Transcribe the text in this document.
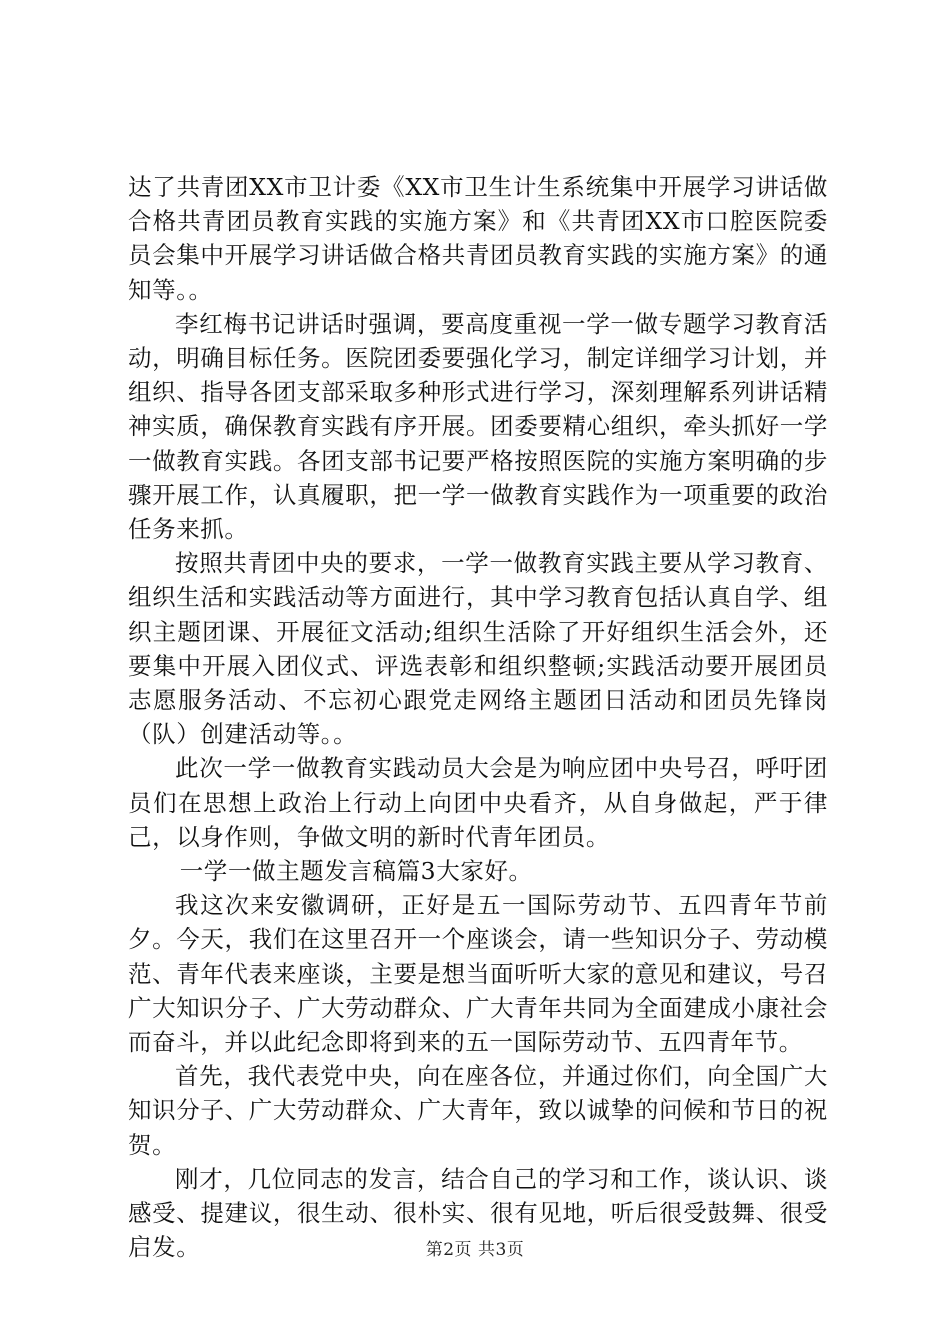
达了共青团XX市卫计委《XX市卫生计生系统集中开展学习讲话做合格共青团员教育实践的实施方案》和《共青团XX市口腔医院委员会集中开展学习讲话做合格共青团员教育实践的实施方案》的通知等。。

李红梅书记讲话时强调，要高度重视一学一做专题学习教育活动，明确目标任务。医院团委要强化学习，制定详细学习计划，并组织、指导各团支部采取多种形式进行学习，深刻理解系列讲话精神实质，确保教育实践有序开展。团委要精心组织，牵头抓好一学一做教育实践。各团支部书记要严格按照医院的实施方案明确的步骤开展工作，认真履职，把一学一做教育实践作为一项重要的政治任务来抓。

按照共青团中央的要求，一学一做教育实践主要从学习教育、组织生活和实践活动等方面进行，其中学习教育包括认真自学、组织主题团课、开展征文活动;组织生活除了开好组织生活会外，还要集中开展入团仪式、评选表彰和组织整顿;实践活动要开展团员志愿服务活动、不忘初心跟党走网络主题团日活动和团员先锋岗（队）创建活动等。。

此次一学一做教育实践动员大会是为响应团中央号召，呼吁团员们在思想上政治上行动上向团中央看齐，从自身做起，严于律己，以身作则，争做文明的新时代青年团员。

一学一做主题发言稿篇3大家好。

我这次来安徽调研，正好是五一国际劳动节、五四青年节前夕。今天，我们在这里召开一个座谈会，请一些知识分子、劳动模范、青年代表来座谈，主要是想当面听听大家的意见和建议，号召广大知识分子、广大劳动群众、广大青年共同为全面建成小康社会而奋斗，并以此纪念即将到来的五一国际劳动节、五四青年节。

首先，我代表党中央，向在座各位，并通过你们，向全国广大知识分子、广大劳动群众、广大青年，致以诚挚的问候和节日的祝贺。

刚才，几位同志的发言，结合自己的学习和工作，谈认识、谈感受、提建议，很生动、很朴实、很有见地，听后很受鼓舞、很受启发。	第2页 共3页
